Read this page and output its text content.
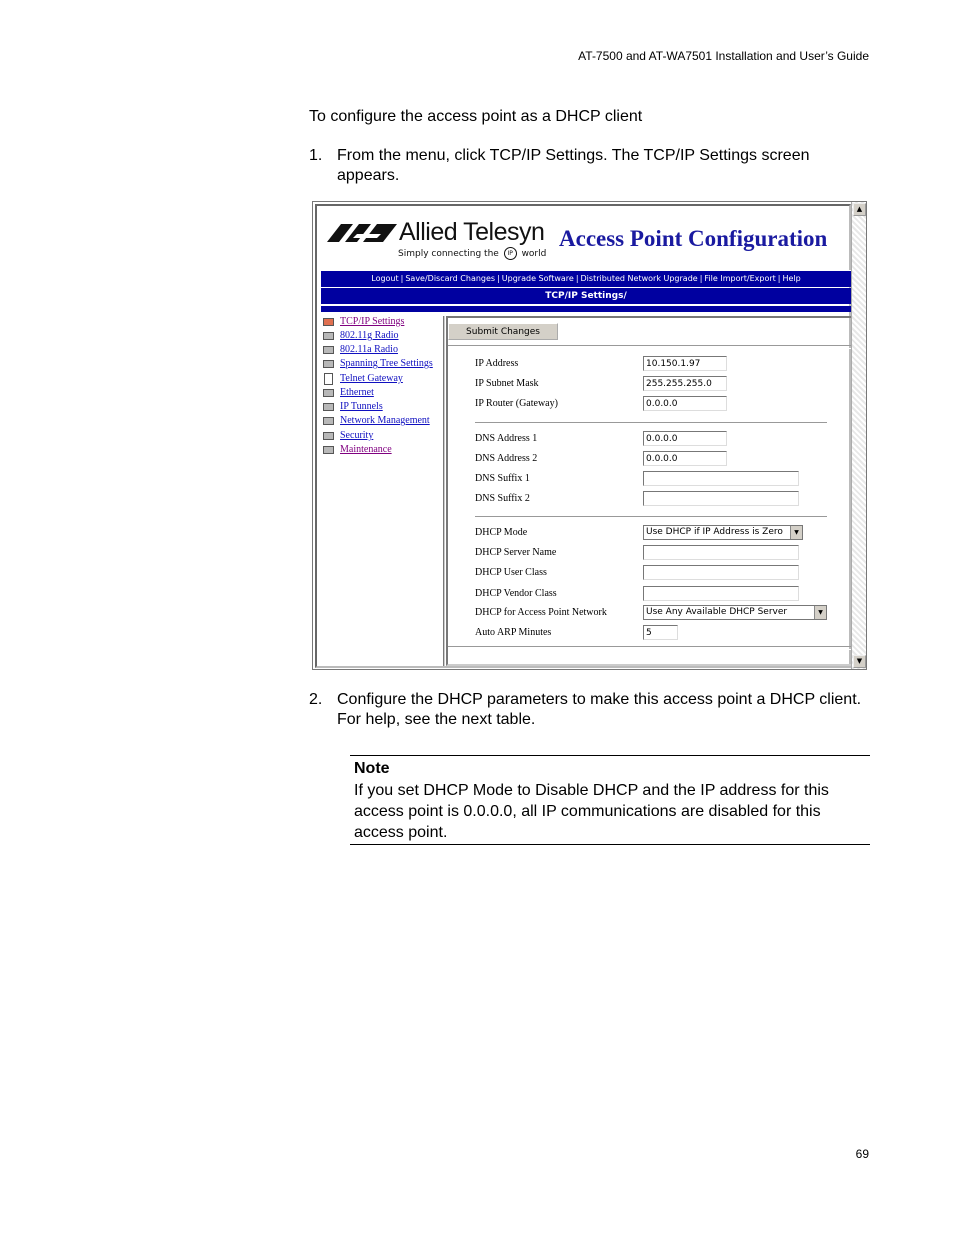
AT-7500 and AT-WA7501 Installation and User’s Guide
To configure the access point as a DHCP client
1. From the menu, click TCP/IP Settings. The TCP/IP Settings screen appears.
Allied Telesyn
Simply connecting the IP world
Access Point Configuration
Logout | Save/Discard Changes | Upgrade Software | Distributed Network Upgrade | File Import/Export | Help
TCP/IP Settings/
TCP/IP Settings
802.11g Radio
802.11a Radio
Spanning Tree Settings
Telnet Gateway
Ethernet
IP Tunnels
Network Management
Security
Maintenance
Submit Changes
IP Address	10.150.1.97
IP Subnet Mask	255.255.255.0
IP Router (Gateway)	0.0.0.0
DNS Address 1	0.0.0.0
DNS Address 2	0.0.0.0
DNS Suffix 1
DNS Suffix 2
DHCP Mode	Use DHCP if IP Address is Zero	▼
DHCP Server Name
DHCP User Class
DHCP Vendor Class
DHCP for Access Point Network	Use Any Available DHCP Server	▼
Auto ARP Minutes	5
▲
▼
2. Configure the DHCP parameters to make this access point a DHCP client. For help, see the next table.
Note
If you set DHCP Mode to Disable DHCP and the IP address for this access point is 0.0.0.0, all IP communications are disabled for this access point.
69
